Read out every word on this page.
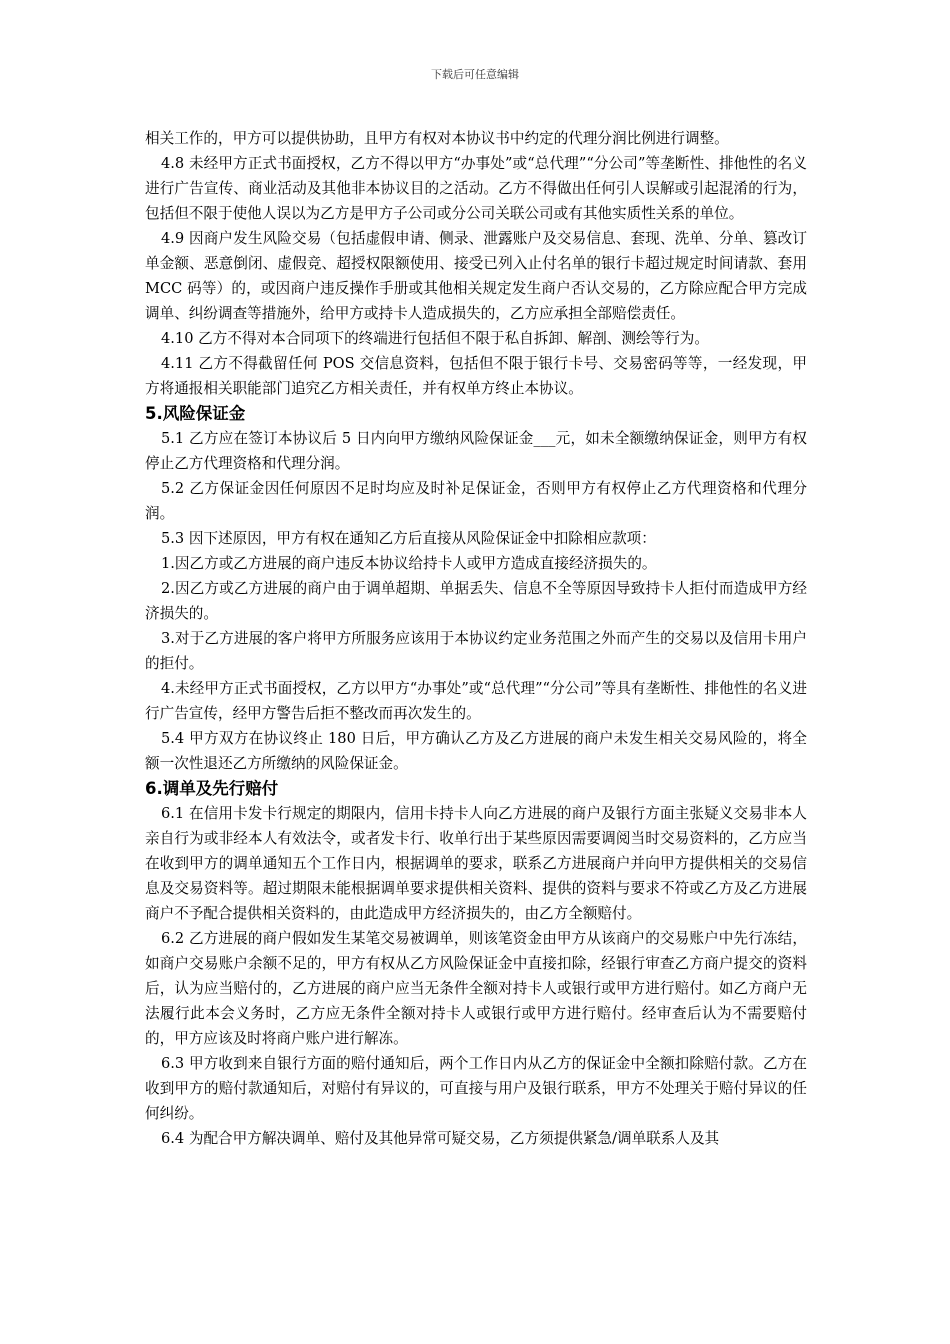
下载后可任意编辑

相关工作的，甲方可以提供协助，且甲方有权对本协议书中约定的代理分润比例进行调整。

4.8 未经甲方正式书面授权，乙方不得以甲方“办事处”或“总代理”“分公司”等垄断性、排他性的名义进行广告宣传、商业活动及其他非本协议目的之活动。乙方不得做出任何引人误解或引起混淆的行为，包括但不限于使他人误以为乙方是甲方子公司或分公司关联公司或有其他实质性关系的单位。

4.9 因商户发生风险交易（包括虚假申请、侧录、泄露账户及交易信息、套现、洗单、分单、篡改订单金额、恶意倒闭、虚假竞、超授权限额使用、接受已列入止付名单的银行卡超过规定时间请款、套用 MCC 码等）的，或因商户违反操作手册或其他相关规定发生商户否认交易的，乙方除应配合甲方完成调单、纠纷调查等措施外，给甲方或持卡人造成损失的，乙方应承担全部赔偿责任。

4.10 乙方不得对本合同项下的终端进行包括但不限于私自拆卸、解剖、测绘等行为。

4.11 乙方不得截留任何 POS 交信息资料，包括但不限于银行卡号、交易密码等等，一经发现，甲方将通报相关职能部门追究乙方相关责任，并有权单方终止本协议。

5.风险保证金

5.1 乙方应在签订本协议后 5 日内向甲方缴纳风险保证金___元，如未全额缴纳保证金，则甲方有权停止乙方代理资格和代理分润。

5.2 乙方保证金因任何原因不足时均应及时补足保证金，否则甲方有权停止乙方代理资格和代理分润。

5.3 因下述原因，甲方有权在通知乙方后直接从风险保证金中扣除相应款项：

1.因乙方或乙方进展的商户违反本协议给持卡人或甲方造成直接经济损失的。

2.因乙方或乙方进展的商户由于调单超期、单据丢失、信息不全等原因导致持卡人拒付而造成甲方经济损失的。

3.对于乙方进展的客户将甲方所服务应该用于本协议约定业务范围之外而产生的交易以及信用卡用户的拒付。

4.未经甲方正式书面授权，乙方以甲方“办事处”或“总代理”“分公司”等具有垄断性、排他性的名义进行广告宣传，经甲方警告后拒不整改而再次发生的。

5.4 甲方双方在协议终止 180 日后，甲方确认乙方及乙方进展的商户未发生相关交易风险的，将全额一次性退还乙方所缴纳的风险保证金。

6.调单及先行赔付

6.1 在信用卡发卡行规定的期限内，信用卡持卡人向乙方进展的商户及银行方面主张疑义交易非本人亲自行为或非经本人有效法令，或者发卡行、收单行出于某些原因需要调阅当时交易资料的，乙方应当在收到甲方的调单通知五个工作日内，根据调单的要求，联系乙方进展商户并向甲方提供相关的交易信息及交易资料等。超过期限未能根据调单要求提供相关资料、提供的资料与要求不符或乙方及乙方进展商户不予配合提供相关资料的，由此造成甲方经济损失的，由乙方全额赔付。

6.2 乙方进展的商户假如发生某笔交易被调单，则该笔资金由甲方从该商户的交易账户中先行冻结，如商户交易账户余额不足的，甲方有权从乙方风险保证金中直接扣除，经银行审查乙方商户提交的资料后，认为应当赔付的，乙方进展的商户应当无条件全额对持卡人或银行或甲方进行赔付。如乙方商户无法履行此本会义务时，乙方应无条件全额对持卡人或银行或甲方进行赔付。经审查后认为不需要赔付的，甲方应该及时将商户账户进行解冻。

6.3 甲方收到来自银行方面的赔付通知后，两个工作日内从乙方的保证金中全额扣除赔付款。乙方在收到甲方的赔付款通知后，对赔付有异议的，可直接与用户及银行联系，甲方不处理关于赔付异议的任何纠纷。

6.4 为配合甲方解决调单、赔付及其他异常可疑交易，乙方须提供紧急/调单联系人及其
